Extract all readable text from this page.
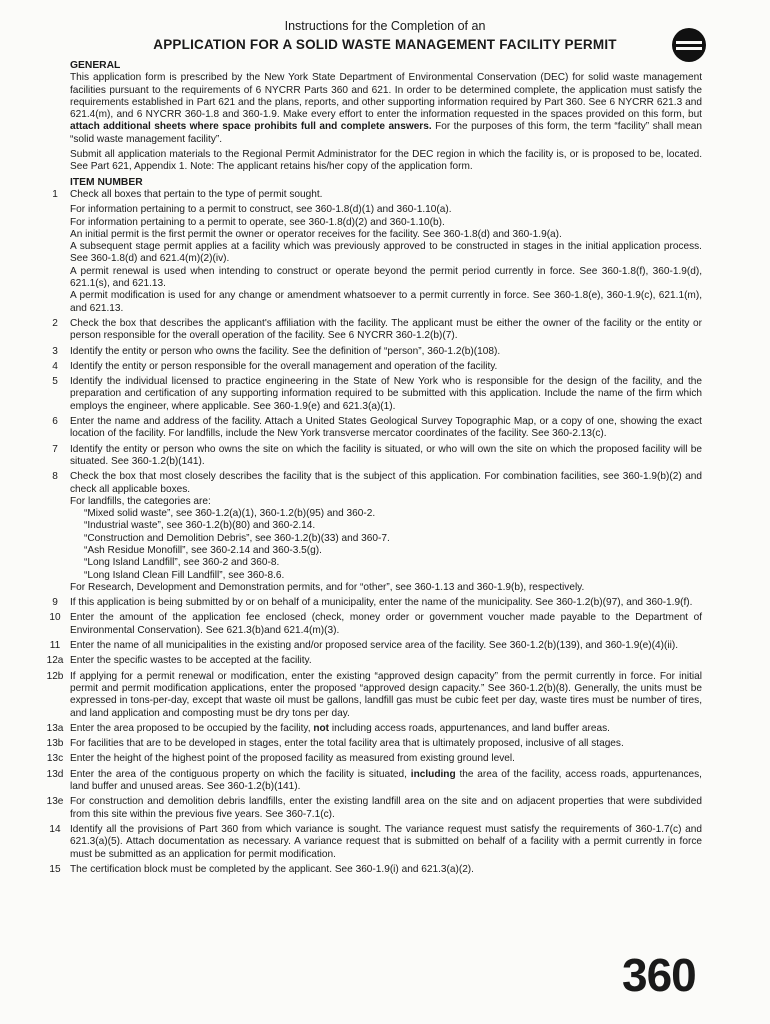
Instructions for the Completion of an
APPLICATION FOR A SOLID WASTE MANAGEMENT FACILITY PERMIT
GENERAL

This application form is prescribed by the New York State Department of Environmental Conservation (DEC) for solid waste management facilities pursuant to the requirements of 6 NYCRR Parts 360 and 621. In order to be determined complete, the application must satisfy the requirements established in Part 621 and the plans, reports, and other supporting information required by Part 360. See 6 NYCRR 621.3 and 621.4(m), and 6 NYCRR 360-1.8 and 360-1.9. Make every effort to enter the information requested in the spaces provided on this form, but attach additional sheets where space prohibits full and complete answers. For the purposes of this form, the term “facility” shall mean “solid waste management facility”.

Submit all application materials to the Regional Permit Administrator for the DEC region in which the facility is, or is proposed to be, located. See Part 621, Appendix 1. Note: The applicant retains his/her copy of the application form.

ITEM NUMBER
1	Check all boxes that pertain to the type of permit sought.

For information pertaining to a permit to construct, see 360-1.8(d)(1) and 360-1.10(a).

For information pertaining to a permit to operate, see 360-1.8(d)(2) and 360-1.10(b).

An initial permit is the first permit the owner or operator receives for the facility. See 360-1.8(d) and 360-1.9(a).

A subsequent stage permit applies at a facility which was previously approved to be constructed in stages in the initial application process. See 360-1.8(d) and 621.4(m)(2)(iv).

A permit renewal is used when intending to construct or operate beyond the permit period currently in force. See 360-1.8(f), 360-1.9(d), 621.1(s), and 621.13.

A permit modification is used for any change or amendment whatsoever to a permit currently in force. See 360-1.8(e), 360-1.9(c), 621.1(m), and 621.13.

2	Check the box that describes the applicant's affiliation with the facility. The applicant must be either the owner of the facility or the entity or person responsible for the overall operation of the facility. See 6 NYCRR 360-1.2(b)(7).

3	Identify the entity or person who owns the facility. See the definition of “person”, 360-1.2(b)(108).

4	Identify the entity or person responsible for the overall management and operation of the facility.

5	Identify the individual licensed to practice engineering in the State of New York who is responsible for the design of the facility, and the preparation and certification of any supporting information required to be submitted with this application. Include the name of the firm which employs the engineer, where applicable. See 360-1.9(e) and 621.3(a)(1).

6	Enter the name and address of the facility. Attach a United States Geological Survey Topographic Map, or a copy of one, showing the exact location of the facility. For landfills, include the New York transverse mercator coordinates of the facility. See 360-2.13(c).

7	Identify the entity or person who owns the site on which the facility is situated, or who will own the site on which the proposed facility will be situated. See 360-1.2(b)(141).

8	Check the box that most closely describes the facility that is the subject of this application. For combination facilities, see 360-1.9(b)(2) and check all applicable boxes.

For landfills, the categories are:

“Mixed solid waste”, see 360-1.2(a)(1), 360-1.2(b)(95) and 360-2.

“Industrial waste”, see 360-1.2(b)(80) and 360-2.14.

“Construction and Demolition Debris”, see 360-1.2(b)(33) and 360-7.

“Ash Residue Monofill”, see 360-2.14 and 360-3.5(g).

“Long Island Landfill”, see 360-2 and 360-8.

“Long Island Clean Fill Landfill”, see 360-8.6.

For Research, Development and Demonstration permits, and for “other”, see 360-1.13 and 360-1.9(b), respectively.

9	If this application is being submitted by or on behalf of a municipality, enter the name of the municipality. See 360-1.2(b)(97), and 360-1.9(f).
10 Enter the amount of the application fee enclosed (check, money order or government voucher made payable to the Department of Environmental Conservation). See 621.3(b)and 621.4(m)(3).
11 Enter the name of all municipalities in the existing and/or proposed service area of the facility. See 360-1.2(b)(139), and 360-1.9(e)(4)(ii).
12a Enter the specific wastes to be accepted at the facility.
12b If applying for a permit renewal or modification, enter the existing “approved design capacity” from the permit currently in force. For initial permit and permit modification applications, enter the proposed “approved design capacity.” See 360-1.2(b)(8). Generally, the units must be expressed in tons-per-day, except that waste oil must be gallons, landfill gas must be cubic feet per day, waste tires must be number of tires, and land application and composting must be dry tons per day.
13a Enter the area proposed to be occupied by the facility, not including access roads, appurtenances, and land buffer areas.
13b For facilities that are to be developed in stages, enter the total facility area that is ultimately proposed, inclusive of all stages.
13c Enter the height of the highest point of the proposed facility as measured from existing ground level.
13d Enter the area of the contiguous property on which the facility is situated, including the area of the facility, access roads, appurtenances, land buffer and unused areas. See 360-1.2(b)(141).
13e For construction and demolition debris landfills, enter the existing landfill area on the site and on adjacent properties that were subdivided from this site within the previous five years. See 360-7.1(c).
14 Identify all the provisions of Part 360 from which variance is sought. The variance request must satisfy the requirements of 360-1.7(c) and 621.3(a)(5). Attach documentation as necessary. A variance request that is submitted on behalf of a facility with a permit currently in force must be submitted as an application for permit modification.
15 The certification block must be completed by the applicant. See 360-1.9(i) and 621.3(a)(2).
360
